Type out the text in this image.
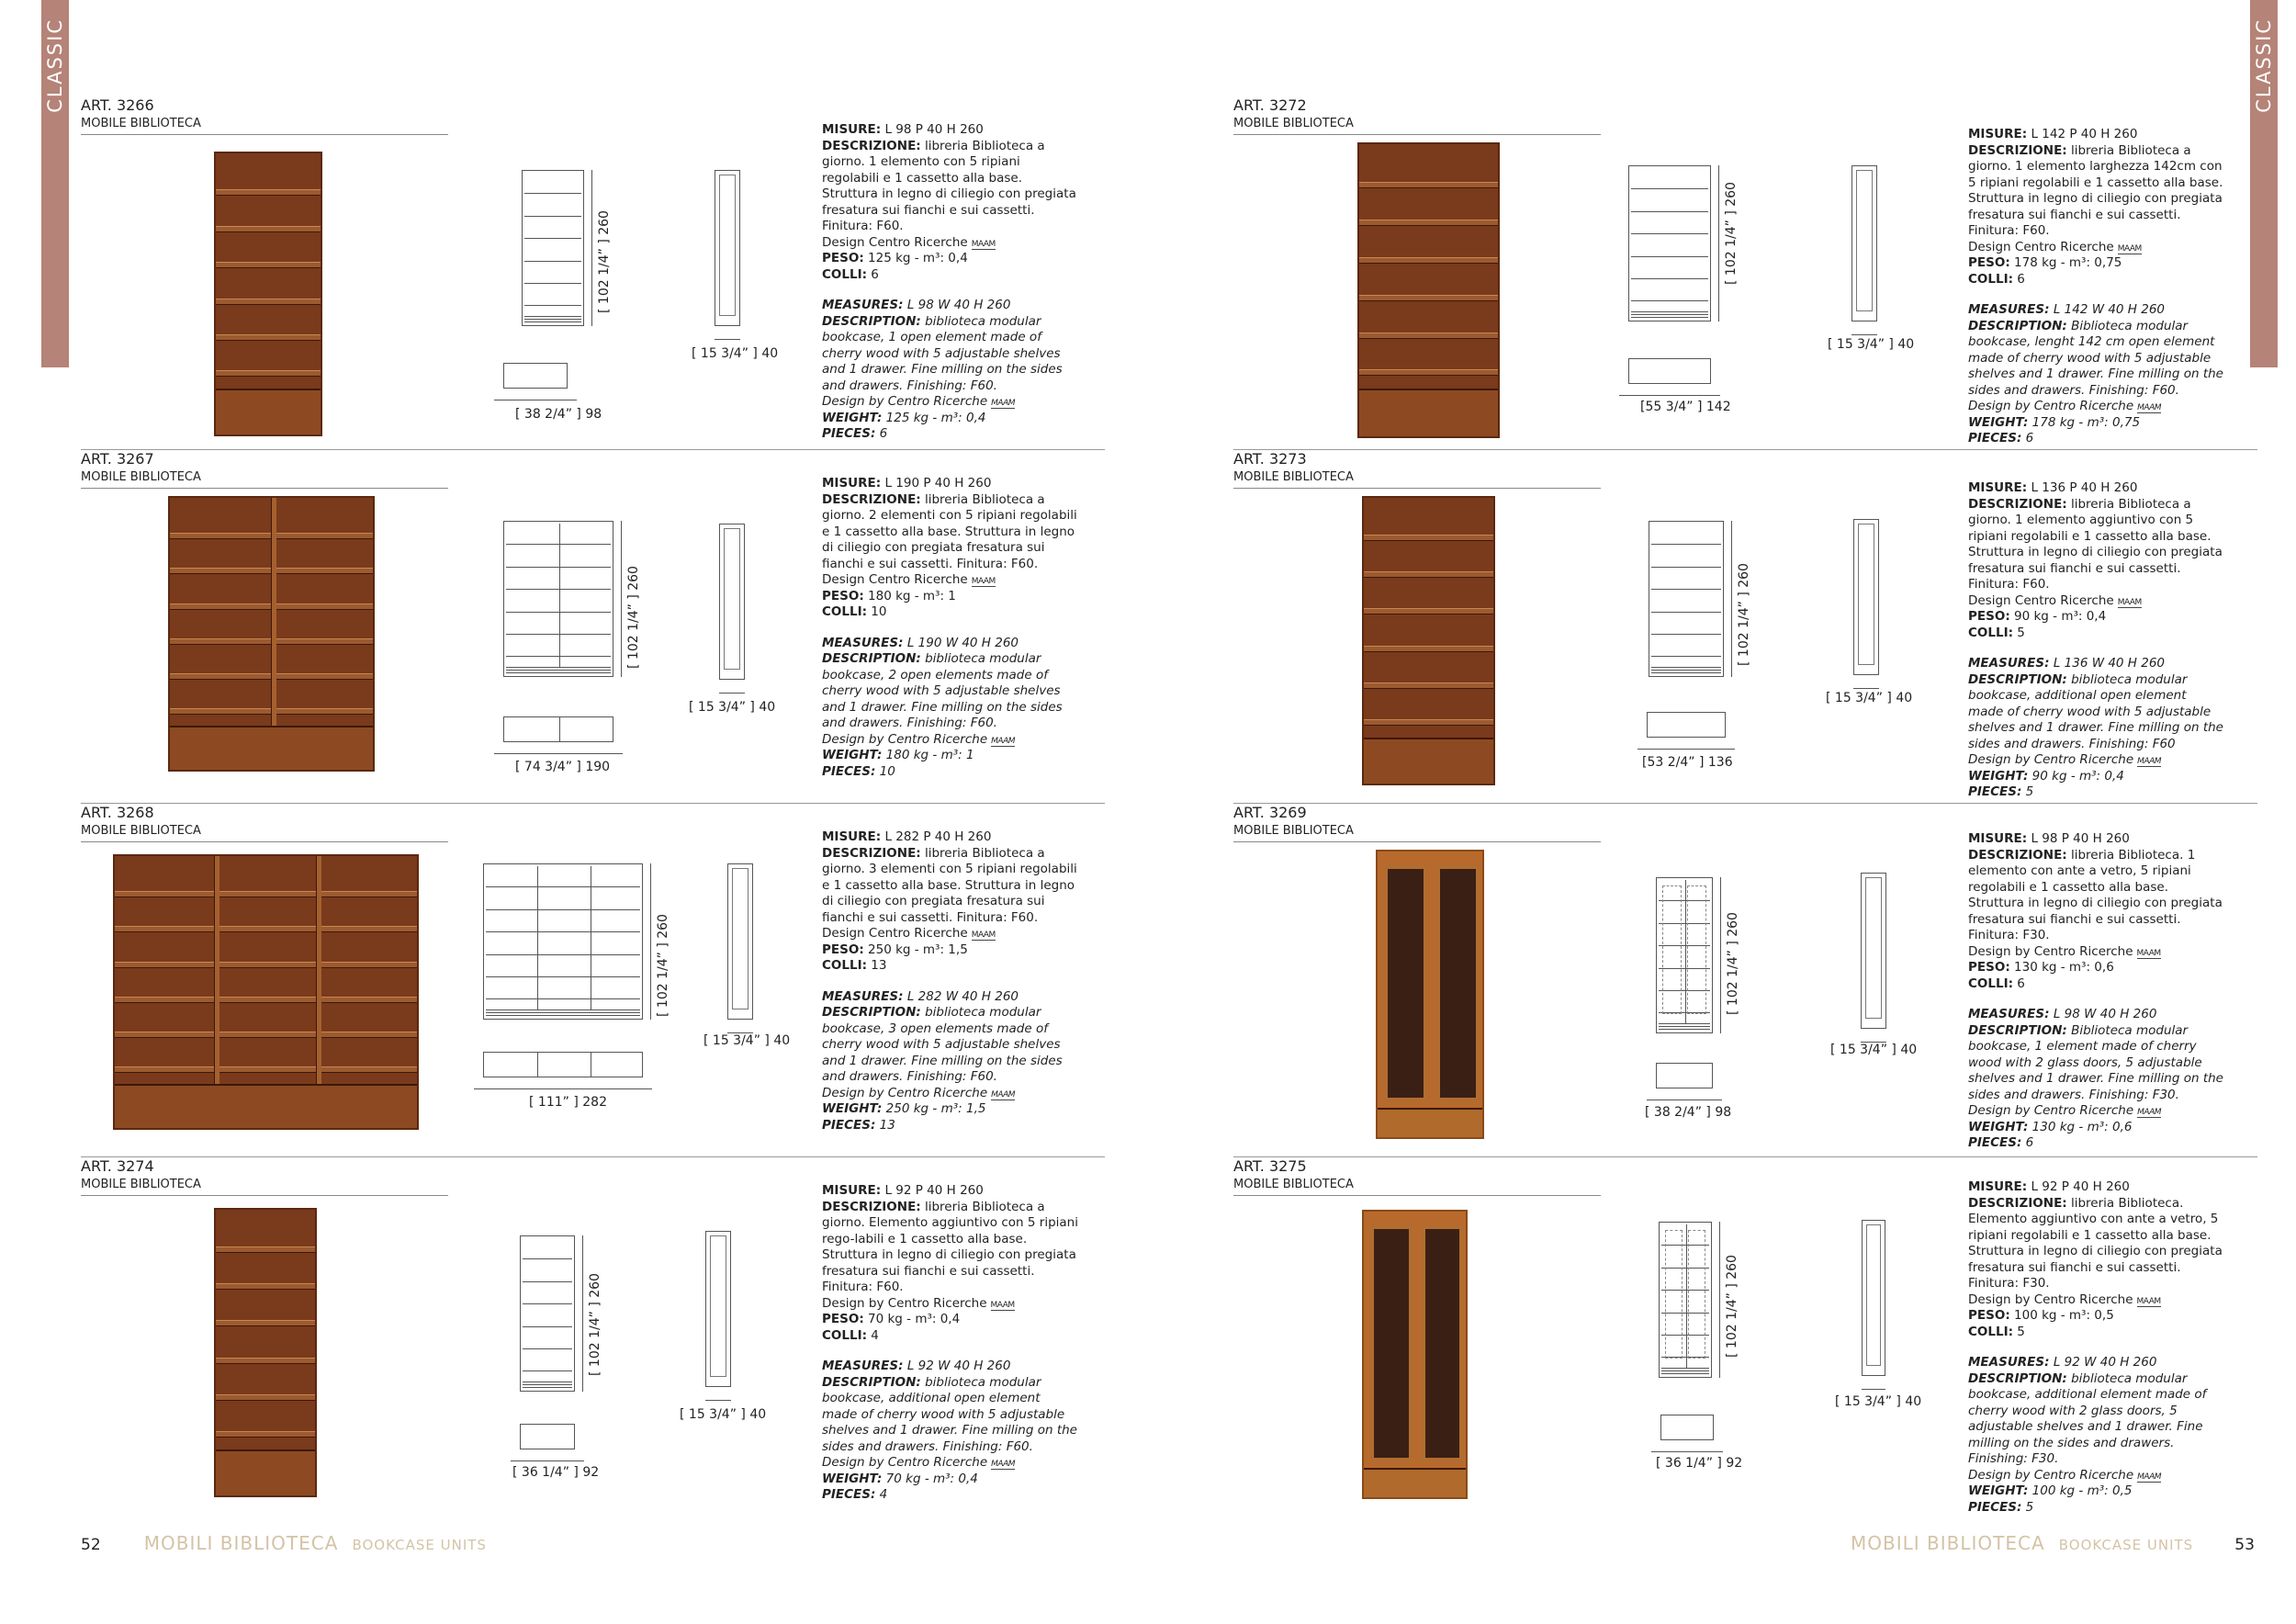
CLASSIC	CLASSIC
ART. 3266
MOBILE BIBLIOTECA
[ 102 1/4” ] 260
[ 15 3/4” ] 40
[ 38 2/4” ] 98
MISURE: L 98 P 40 H 260
DESCRIZIONE: libreria Biblioteca a giorno. 1 elemento con 5 ripiani regolabili e 1 cassetto alla base. Struttura in legno di ciliegio con pregiata fresatura sui fianchi e sui cassetti. Finitura: F60.
Design Centro Ricerche MAAM
PESO: 125 kg - m³: 0,4
COLLI: 6
MEASURES: L 98 W 40 H 260
DESCRIPTION: biblioteca modular bookcase, 1 open element made of cherry wood with 5 adjustable shelves and 1 drawer. Fine milling on the sides and drawers. Finishing: F60.
Design by Centro Ricerche MAAM
WEIGHT: 125 kg - m³: 0,4
PIECES: 6
ART. 3267
MOBILE BIBLIOTECA
[ 102 1/4” ] 260
[ 15 3/4” ] 40
[ 74 3/4” ] 190
MISURE: L 190 P 40 H 260
DESCRIZIONE: libreria Biblioteca a giorno. 2 elementi con 5 ripiani regolabili e 1 cassetto alla base. Struttura in legno di ciliegio con pregiata fresatura sui fianchi e sui cassetti. Finitura: F60.
Design Centro Ricerche MAAM
PESO: 180 kg - m³: 1
COLLI: 10
MEASURES: L 190 W 40 H 260
DESCRIPTION: biblioteca modular bookcase, 2 open elements made of cherry wood with 5 adjustable shelves and 1 drawer. Fine milling on the sides and drawers. Finishing: F60.
Design by Centro Ricerche MAAM
WEIGHT: 180 kg - m³: 1
PIECES: 10
ART. 3268
MOBILE BIBLIOTECA
[ 102 1/4” ] 260
[ 15 3/4” ] 40
[ 111” ] 282
MISURE: L 282 P 40 H 260
DESCRIZIONE: libreria Biblioteca a giorno. 3 elementi con 5 ripiani regolabili e 1 cassetto alla base. Struttura in legno di ciliegio con pregiata fresatura sui fianchi e sui cassetti. Finitura: F60.
Design Centro Ricerche MAAM
PESO: 250 kg - m³: 1,5
COLLI: 13
MEASURES: L 282 W 40 H 260
DESCRIPTION: biblioteca modular bookcase, 3 open elements made of cherry wood with 5 adjustable shelves and 1 drawer. Fine milling on the sides and drawers. Finishing: F60.
Design by Centro Ricerche MAAM
WEIGHT: 250 kg - m³: 1,5
PIECES: 13
ART. 3274
MOBILE BIBLIOTECA
[ 102 1/4” ] 260
[ 15 3/4” ] 40
[ 36 1/4” ] 92
MISURE: L 92 P 40 H 260
DESCRIZIONE: libreria Biblioteca a giorno. Elemento aggiuntivo con 5 ripiani rego-labili e 1 cassetto alla base. Struttura in legno di ciliegio con pregiata fresatura sui fianchi e sui cassetti. Finitura: F60.
Design by Centro Ricerche MAAM
PESO: 70 kg - m³: 0,4
COLLI: 4
MEASURES: L 92 W 40 H 260
DESCRIPTION: biblioteca modular bookcase, additional open element made of cherry wood with 5 adjustable shelves and 1 drawer. Fine milling on the sides and drawers. Finishing: F60.
Design by Centro Ricerche MAAM
WEIGHT: 70 kg - m³: 0,4
PIECES: 4
ART. 3272
MOBILE BIBLIOTECA
[ 102 1/4” ] 260
[ 15 3/4” ] 40
[55 3/4” ] 142
MISURE: L 142 P 40 H 260
DESCRIZIONE: libreria Biblioteca a giorno. 1 elemento larghezza 142cm con 5 ripiani regolabili e 1 cassetto alla base. Struttura in legno di ciliegio con pregiata fresatura sui fianchi e sui cassetti. Finitura: F60.
Design Centro Ricerche MAAM
PESO: 178 kg - m³: 0,75
COLLI: 6
MEASURES: L 142 W 40 H 260
DESCRIPTION: Biblioteca modular bookcase, lenght 142 cm open element made of cherry wood with 5 adjustable shelves and 1 drawer. Fine milling on the sides and drawers. Finishing: F60.
Design by Centro Ricerche MAAM
WEIGHT: 178 kg - m³: 0,75
PIECES: 6
ART. 3273
MOBILE BIBLIOTECA
[ 102 1/4” ] 260
[ 15 3/4” ] 40
[53 2/4” ] 136
MISURE: L 136 P 40 H 260
DESCRIZIONE: libreria Biblioteca a giorno. 1 elemento aggiuntivo con 5 ripiani regolabili e 1 cassetto alla base. Struttura in legno di ciliegio con pregiata fresatura sui fianchi e sui cassetti. Finitura: F60.
Design Centro Ricerche MAAM
PESO: 90 kg - m³: 0,4
COLLI: 5
MEASURES: L 136 W 40 H 260
DESCRIPTION: biblioteca modular bookcase, additional open element made of cherry wood with 5 adjustable shelves and 1 drawer. Fine milling on the sides and drawers. Finishing: F60
Design by Centro Ricerche MAAM
WEIGHT: 90 kg - m³: 0,4
PIECES: 5
ART. 3269
MOBILE BIBLIOTECA
[ 102 1/4” ] 260
[ 15 3/4” ] 40
[ 38 2/4” ] 98
MISURE: L 98 P 40 H 260
DESCRIZIONE: libreria Biblioteca. 1 elemento con ante a vetro, 5 ripiani regolabili e 1 cassetto alla base. Struttura in legno di ciliegio con pregiata fresatura sui fianchi e sui cassetti. Finitura: F30.
Design by Centro Ricerche MAAM
PESO: 130 kg - m³: 0,6
COLLI: 6
MEASURES: L 98 W 40 H 260
DESCRIPTION: Biblioteca modular bookcase, 1 element made of cherry wood with 2 glass doors, 5 adjustable shelves and 1 drawer. Fine milling on the sides and drawers. Finishing: F30.
Design by Centro Ricerche MAAM
WEIGHT: 130 kg - m³: 0,6
PIECES: 6
ART. 3275
MOBILE BIBLIOTECA
[ 102 1/4” ] 260
[ 15 3/4” ] 40
[ 36 1/4” ] 92
MISURE: L 92 P 40 H 260
DESCRIZIONE: libreria Biblioteca. Elemento aggiuntivo con ante a vetro, 5 ripiani regolabili e 1 cassetto alla base. Struttura in legno di ciliegio con pregiata fresatura sui fianchi e sui cassetti. Finitura: F30.
Design by Centro Ricerche MAAM
PESO: 100 kg - m³: 0,5
COLLI: 5
MEASURES: L 92 W 40 H 260
DESCRIPTION: biblioteca modular bookcase, additional element made of cherry wood with 2 glass doors, 5 adjustable shelves and 1 drawer. Fine milling on the sides and drawers. Finishing: F30.
Design by Centro Ricerche MAAM
WEIGHT: 100 kg - m³: 0,5
PIECES: 5
52 MOBILI BIBLIOTECA BOOKCASE UNITS	MOBILI BIBLIOTECA BOOKCASE UNITS	53
